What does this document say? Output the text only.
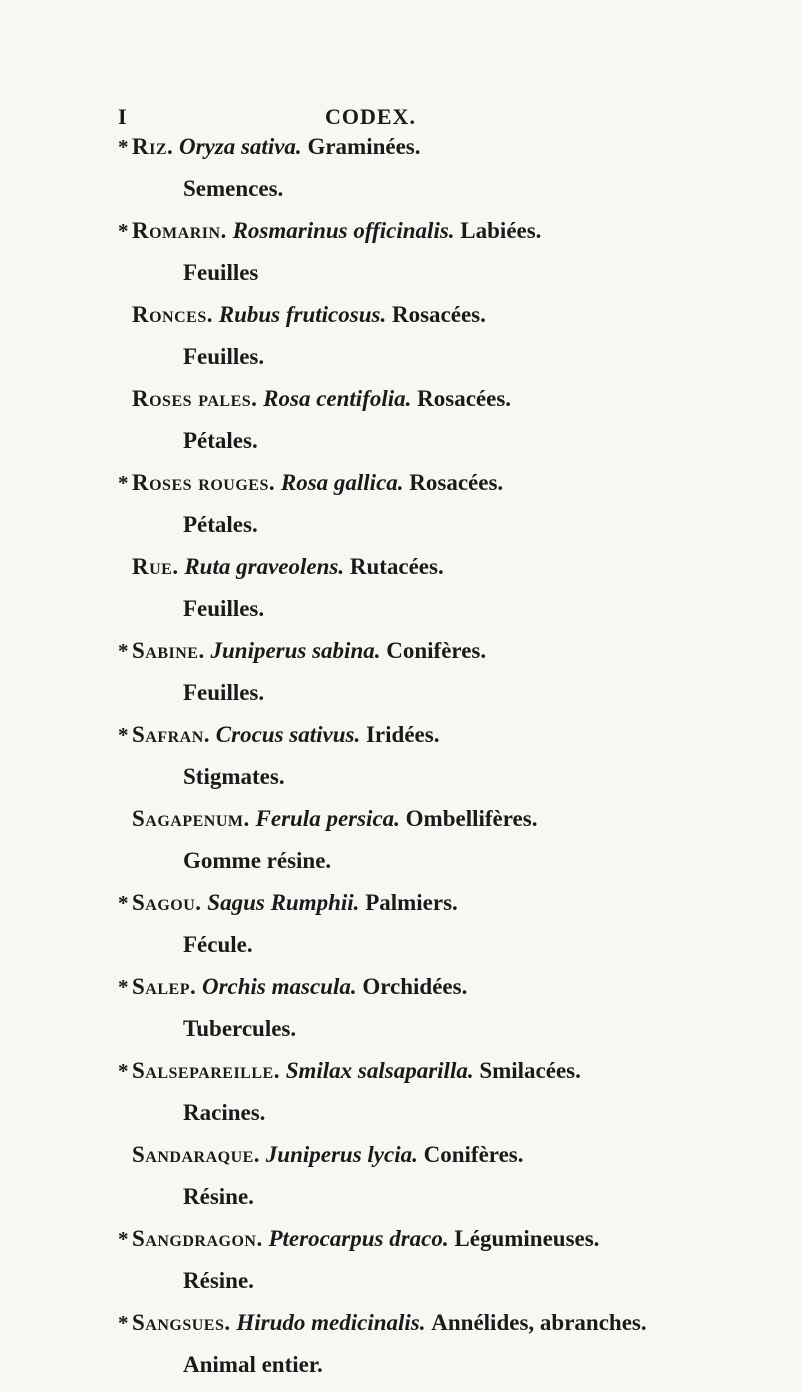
I	CODEX.
* Riz. Oryza sativa. Graminées.
Semences.
* Romarin. Rosmarinus officinalis. Labiées.
Feuilles
Ronces. Rubus fruticosus. Rosacées.
Feuilles.
Roses pales. Rosa centifolia. Rosacées.
Pétales.
* Roses rouges. Rosa gallica. Rosacées.
Pétales.
Rue. Ruta graveolens. Rutacées.
Feuilles.
* Sabine. Juniperus sabina. Conifères.
Feuilles.
* Safran. Crocus sativus. Iridées.
Stigmates.
Sagapenum. Ferula persica. Ombellifères.
Gomme résine.
* Sagou. Sagus Rumphii. Palmiers.
Fécule.
* Salep. Orchis mascula. Orchidées.
Tubercules.
* Salsepareille. Smilax salsaparilla. Smilacées.
Racines.
Sandaraque. Juniperus lycia. Conifères.
Résine.
* Sangdragon. Pterocarpus draco. Légumineuses.
Résine.
* Sangsues. Hirudo medicinalis. Annélides, abranches.
Animal entier.
